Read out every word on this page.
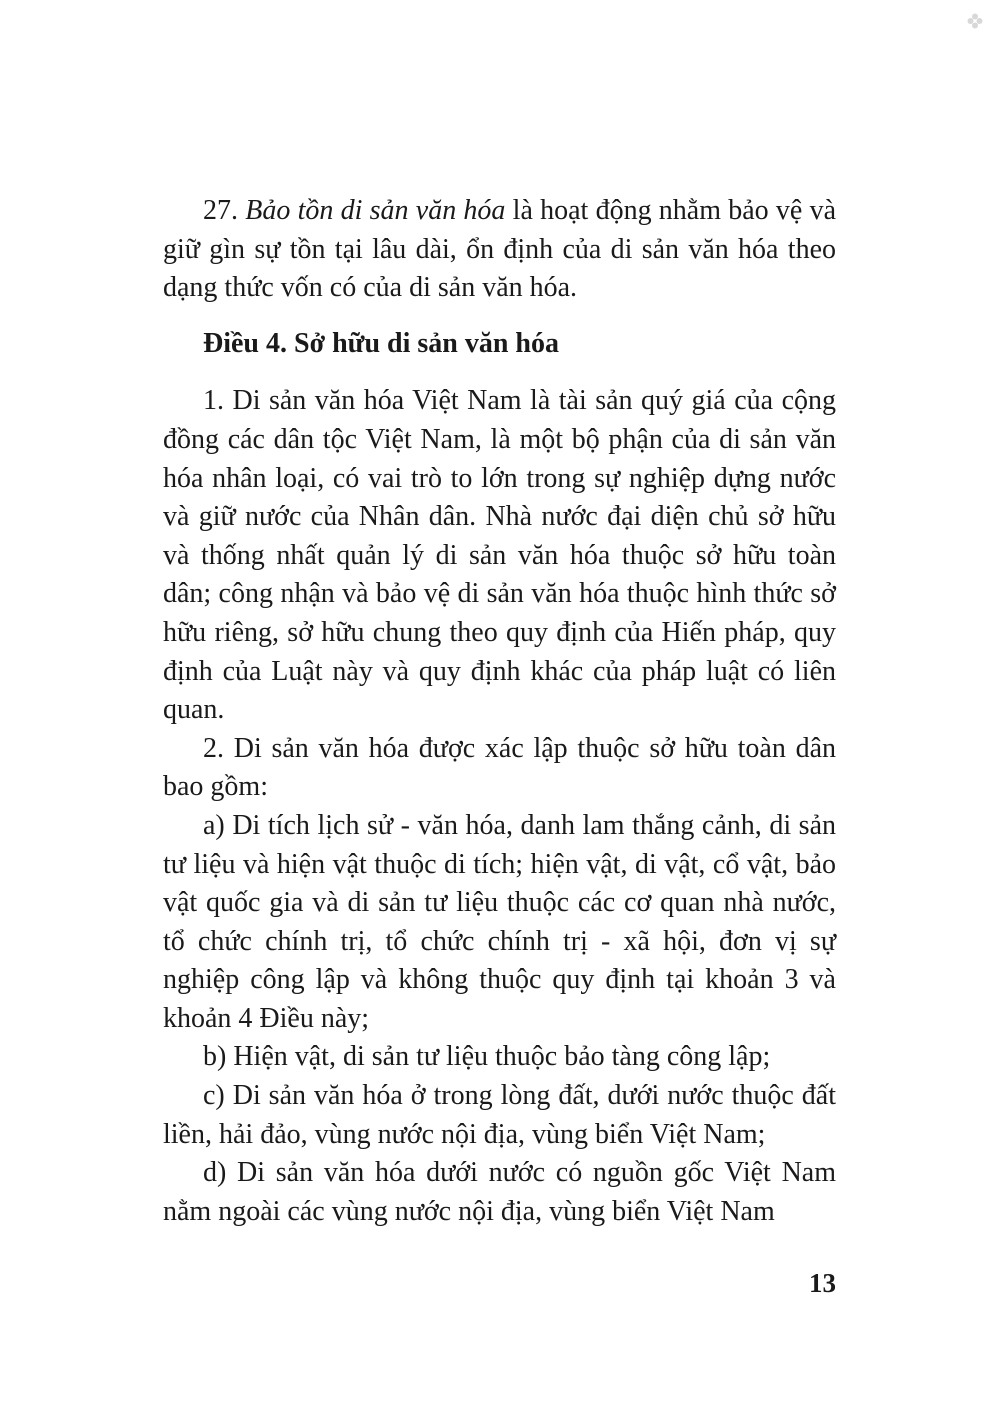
27. Bảo tồn di sản văn hóa là hoạt động nhằm bảo vệ và giữ gìn sự tồn tại lâu dài, ổn định của di sản văn hóa theo dạng thức vốn có của di sản văn hóa.

Điều 4. Sở hữu di sản văn hóa

1. Di sản văn hóa Việt Nam là tài sản quý giá của cộng đồng các dân tộc Việt Nam, là một bộ phận của di sản văn hóa nhân loại, có vai trò to lớn trong sự nghiệp dựng nước và giữ nước của Nhân dân. Nhà nước đại diện chủ sở hữu và thống nhất quản lý di sản văn hóa thuộc sở hữu toàn dân; công nhận và bảo vệ di sản văn hóa thuộc hình thức sở hữu riêng, sở hữu chung theo quy định của Hiến pháp, quy định của Luật này và quy định khác của pháp luật có liên quan.

2. Di sản văn hóa được xác lập thuộc sở hữu toàn dân bao gồm:

a) Di tích lịch sử - văn hóa, danh lam thắng cảnh, di sản tư liệu và hiện vật thuộc di tích; hiện vật, di vật, cổ vật, bảo vật quốc gia và di sản tư liệu thuộc các cơ quan nhà nước, tổ chức chính trị, tổ chức chính trị - xã hội, đơn vị sự nghiệp công lập và không thuộc quy định tại khoản 3 và khoản 4 Điều này;

b) Hiện vật, di sản tư liệu thuộc bảo tàng công lập;

c) Di sản văn hóa ở trong lòng đất, dưới nước thuộc đất liền, hải đảo, vùng nước nội địa, vùng biển Việt Nam;

d) Di sản văn hóa dưới nước có nguồn gốc Việt Nam nằm ngoài các vùng nước nội địa, vùng biển Việt Nam

13
